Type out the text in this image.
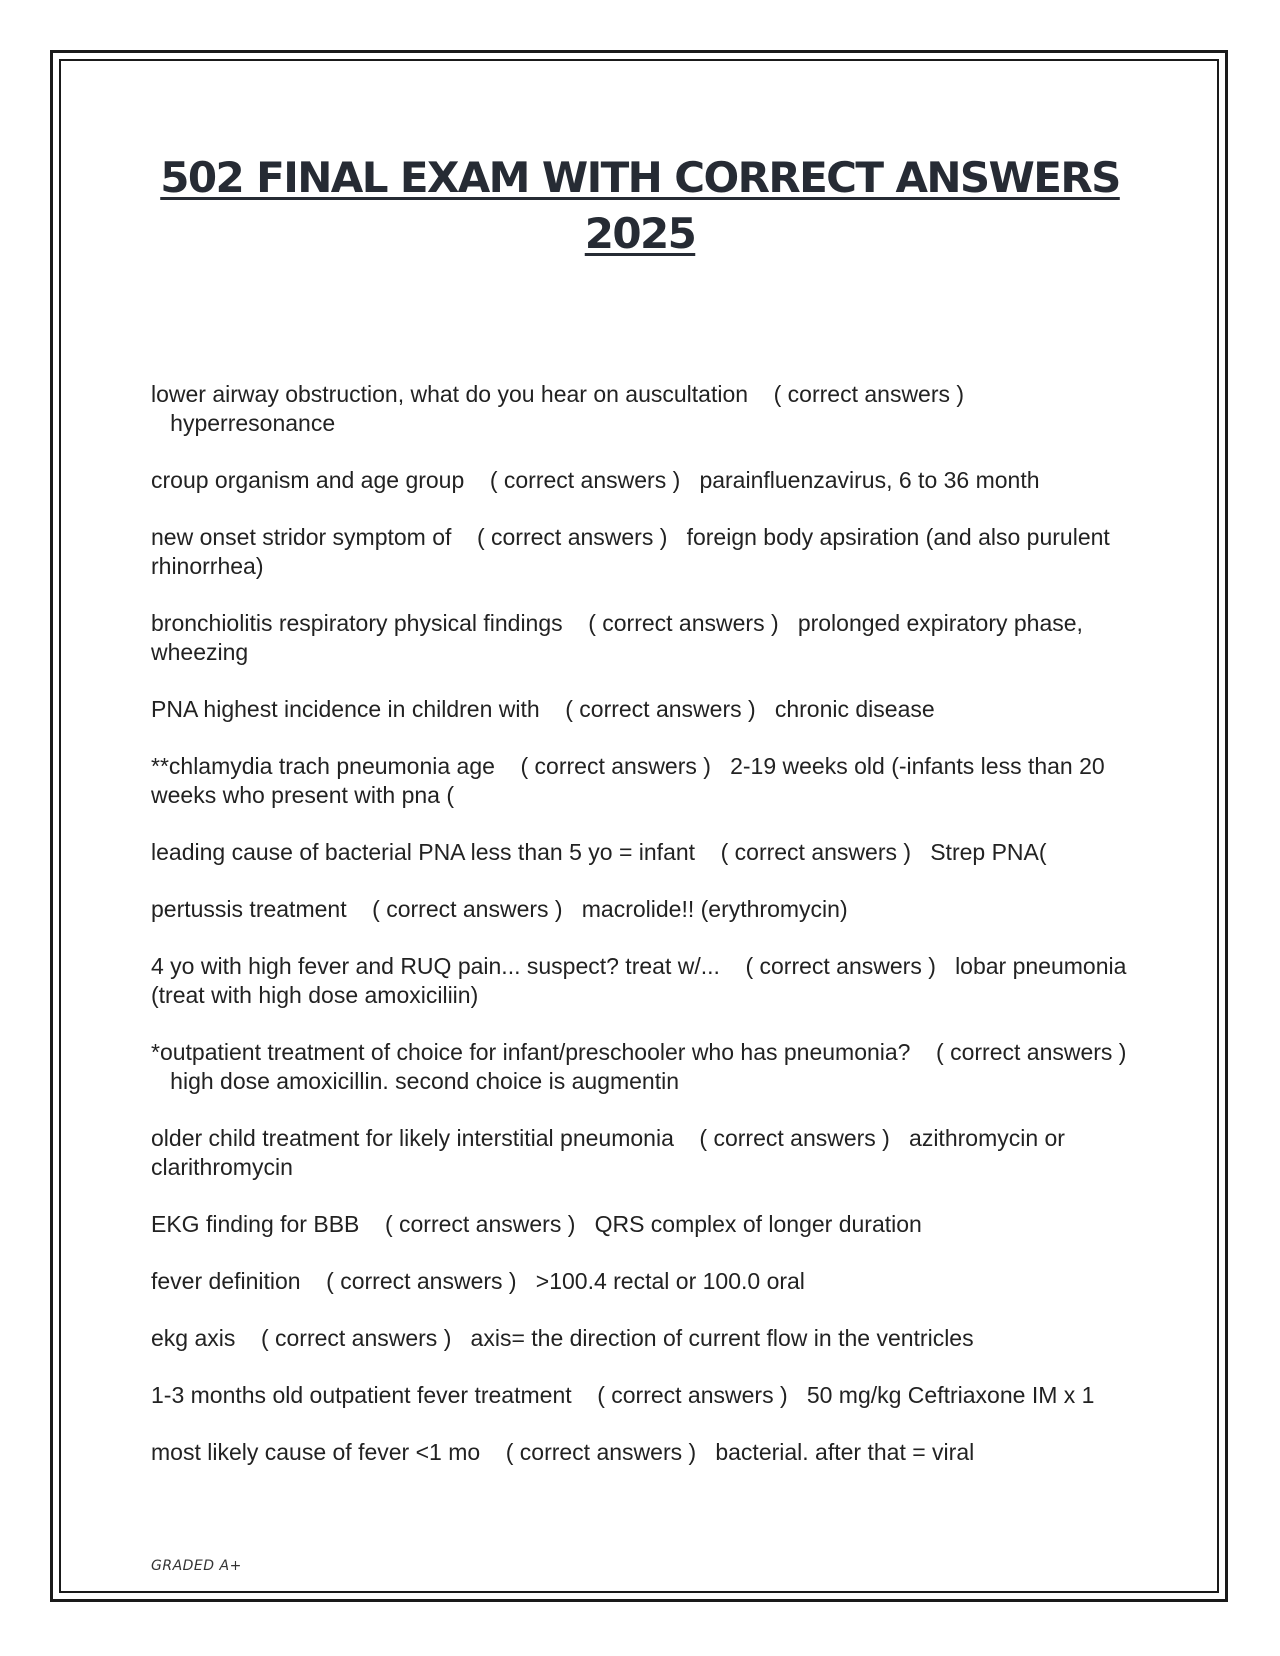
502 FINAL EXAM WITH CORRECT ANSWERS
2025
lower airway obstruction, what do you hear on auscultation ( correct answers )   hyperresonance
croup organism and age group ( correct answers ) parainfluenzavirus, 6 to 36 month
new onset stridor symptom of ( correct answers ) foreign body apsiration (and also purulent rhinorrhea)
bronchiolitis respiratory physical findings ( correct answers ) prolonged expiratory phase, wheezing
PNA highest incidence in children with ( correct answers ) chronic disease
**chlamydia trach pneumonia age ( correct answers ) 2-19 weeks old (-infants less than 20 weeks who present with pna (
leading cause of bacterial PNA less than 5 yo = infant ( correct answers ) Strep PNA(
pertussis treatment ( correct answers ) macrolide!! (erythromycin)
4 yo with high fever and RUQ pain... suspect? treat w/... ( correct answers ) lobar pneumonia (treat with high dose amoxiciliin)
*outpatient treatment of choice for infant/preschooler who has pneumonia? ( correct answers )   high dose amoxicillin. second choice is augmentin
older child treatment for likely interstitial pneumonia ( correct answers ) azithromycin or clarithromycin
EKG finding for BBB ( correct answers ) QRS complex of longer duration
fever definition ( correct answers ) >100.4 rectal or 100.0 oral
ekg axis ( correct answers ) axis= the direction of current flow in the ventricles
1-3 months old outpatient fever treatment ( correct answers ) 50 mg/kg Ceftriaxone IM x 1
most likely cause of fever <1 mo ( correct answers ) bacterial. after that = viral
GRADED A+
